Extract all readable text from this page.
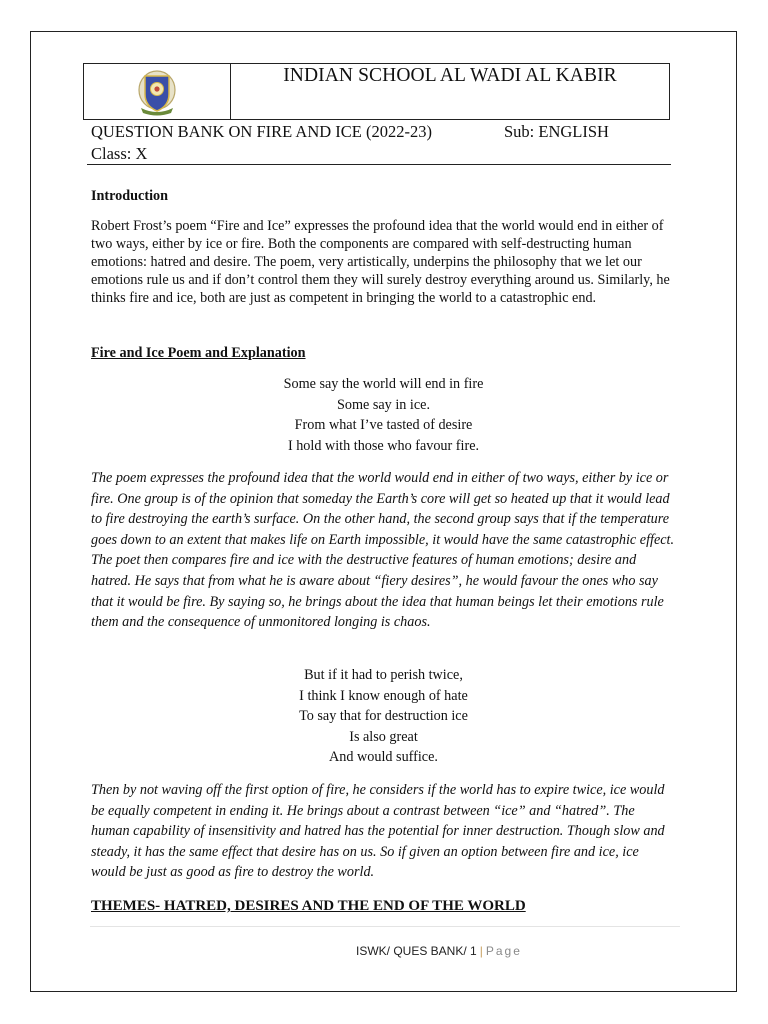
INDIAN SCHOOL AL WADI AL KABIR
QUESTION BANK ON FIRE AND ICE (2022-23)	Sub: ENGLISH
Class: X
Introduction

Robert Frost’s poem “Fire and Ice” expresses the profound idea that the world would end in either of two ways, either by ice or fire. Both the components are compared with self-destructing human emotions: hatred and desire. The poem, very artistically, underpins the philosophy that we let our emotions rule us and if don’t control them they will surely destroy everything around us. Similarly, he thinks fire and ice, both are just as competent in bringing the world to a catastrophic end.

Fire and Ice Poem and Explanation
Some say the world will end in fire
Some say in ice.
From what I’ve tasted of desire
I hold with those who favour fire.

The poem expresses the profound idea that the world would end in either of two ways, either by ice or fire. One group is of the opinion that someday the Earth’s core will get so heated up that it would lead to fire destroying the earth’s surface. On the other hand, the second group says that if the temperature goes down to an extent that makes life on Earth impossible, it would have the same catastrophic effect. The poet then compares fire and ice with the destructive features of human emotions; desire and hatred. He says that from what he is aware about “fiery desires”, he would favour the ones who say that it would be fire. By saying so, he brings about the idea that human beings let their emotions rule them and the consequence of unmonitored longing is chaos.

But if it had to perish twice,
I think I know enough of hate
To say that for destruction ice
Is also great
And would suffice.

Then by not waving off the first option of fire, he considers if the world has to expire twice, ice would be equally competent in ending it. He brings about a contrast between “ice” and “hatred”. The human capability of insensitivity and hatred has the potential for inner destruction. Though slow and steady, it has the same effect that desire has on us. So if given an option between fire and ice, ice would be just as good as fire to destroy the world.

THEMES- HATRED, DESIRES AND THE END OF THE WORLD
ISWK/ QUES BANK/ 1 | Page
